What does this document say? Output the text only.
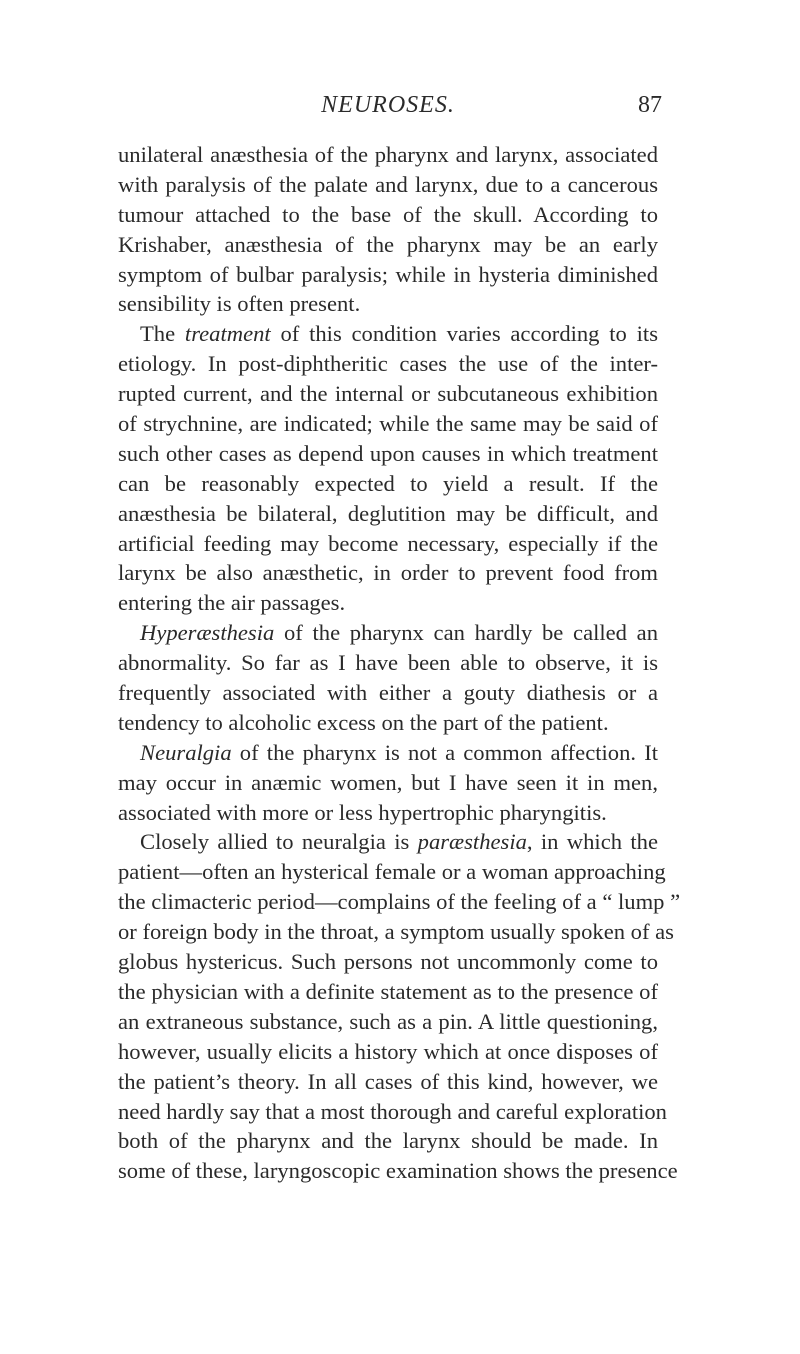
NEUROSES.	87
unilateral anæsthesia of the pharynx and larynx, associated
with paralysis of the palate and larynx, due to a cancerous
tumour attached to the base of the skull. According to
Krishaber, anæsthesia of the pharynx may be an early
symptom of bulbar paralysis; while in hysteria diminished
sensibility is often present.
The treatment of this condition varies according to its
etiology. In post-diphtheritic cases the use of the inter-
rupted current, and the internal or subcutaneous exhibition
of strychnine, are indicated; while the same may be said of
such other cases as depend upon causes in which treatment
can be reasonably expected to yield a result. If the
anæsthesia be bilateral, deglutition may be difficult, and
artificial feeding may become necessary, especially if the
larynx be also anæsthetic, in order to prevent food from
entering the air passages.
Hyperæsthesia of the pharynx can hardly be called an
abnormality. So far as I have been able to observe, it is
frequently associated with either a gouty diathesis or a
tendency to alcoholic excess on the part of the patient.
Neuralgia of the pharynx is not a common affection. It
may occur in anæmic women, but I have seen it in men,
associated with more or less hypertrophic pharyngitis.
Closely allied to neuralgia is paræsthesia, in which the
patient—often an hysterical female or a woman approaching
the climacteric period—complains of the feeling of a “ lump ”
or foreign body in the throat, a symptom usually spoken of as
globus hystericus. Such persons not uncommonly come to
the physician with a definite statement as to the presence of
an extraneous substance, such as a pin. A little questioning,
however, usually elicits a history which at once disposes of
the patient’s theory. In all cases of this kind, however, we
need hardly say that a most thorough and careful exploration
both of the pharynx and the larynx should be made. In
some of these, laryngoscopic examination shows the presence
